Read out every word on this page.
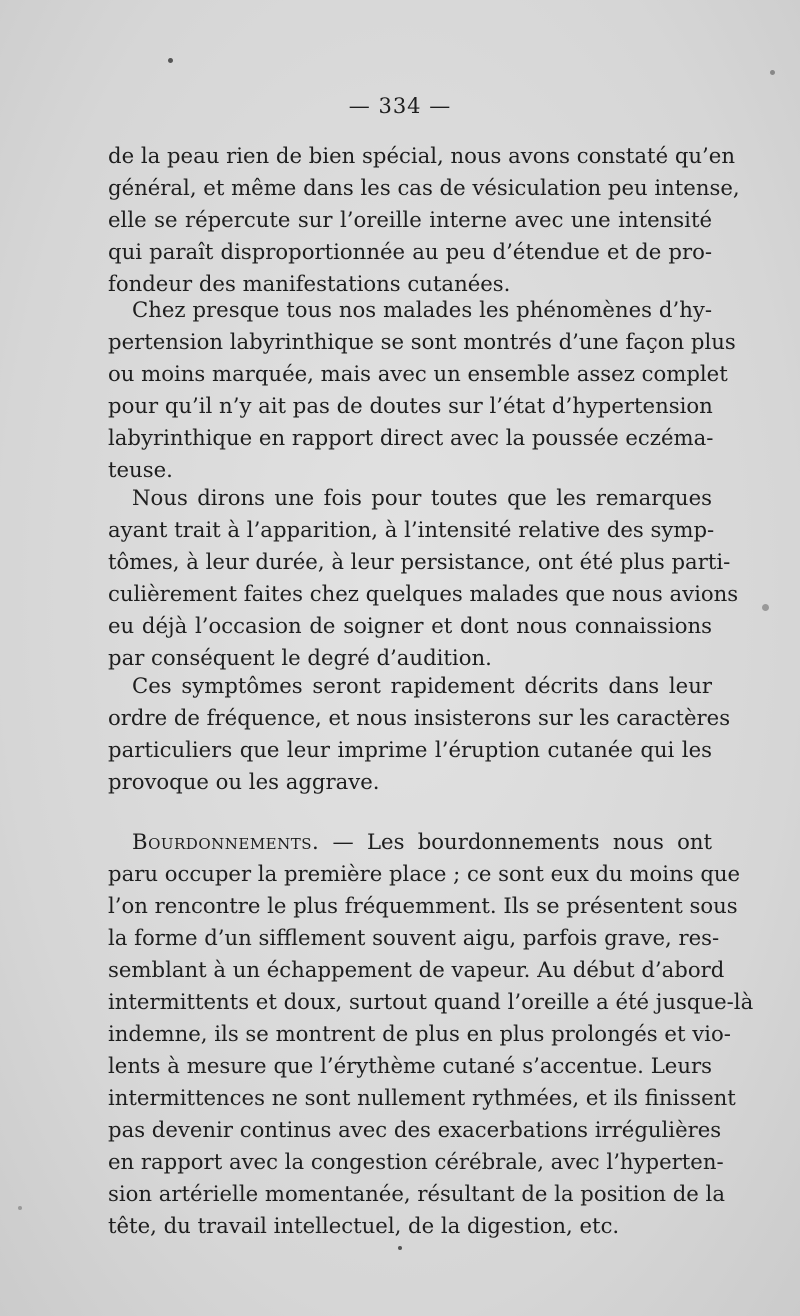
— 334 —
de la peau rien de bien spécial, nous avons constaté qu’en
général, et même dans les cas de vésiculation peu intense,
elle se répercute sur l’oreille interne avec une intensité
qui paraît disproportionnée au peu d’étendue et de pro-
fondeur des manifestations cutanées.
Chez presque tous nos malades les phénomènes d’hy-
pertension labyrinthique se sont montrés d’une façon plus
ou moins marquée, mais avec un ensemble assez complet
pour qu’il n’y ait pas de doutes sur l’état d’hypertension
labyrinthique en rapport direct avec la poussée eczéma-
teuse.
Nous dirons une fois pour toutes que les remarques
ayant trait à l’apparition, à l’intensité relative des symp-
tômes, à leur durée, à leur persistance, ont été plus parti-
culièrement faites chez quelques malades que nous avions
eu déjà l’occasion de soigner et dont nous connaissions
par conséquent le degré d’audition.
Ces symptômes seront rapidement décrits dans leur
ordre de fréquence, et nous insisterons sur les caractères
particuliers que leur imprime l’éruption cutanée qui les
provoque ou les aggrave.
Bourdonnements. — Les bourdonnements nous ont
paru occuper la première place ; ce sont eux du moins que
l’on rencontre le plus fréquemment. Ils se présentent sous
la forme d’un sifflement souvent aigu, parfois grave, res-
semblant à un échappement de vapeur. Au début d’abord
intermittents et doux, surtout quand l’oreille a été jusque-là
indemne, ils se montrent de plus en plus prolongés et vio-
lents à mesure que l’érythème cutané s’accentue. Leurs
intermittences ne sont nullement rythmées, et ils finissent
pas devenir continus avec des exacerbations irrégulières
en rapport avec la congestion cérébrale, avec l’hyperten-
sion artérielle momentanée, résultant de la position de la
tête, du travail intellectuel, de la digestion, etc.
